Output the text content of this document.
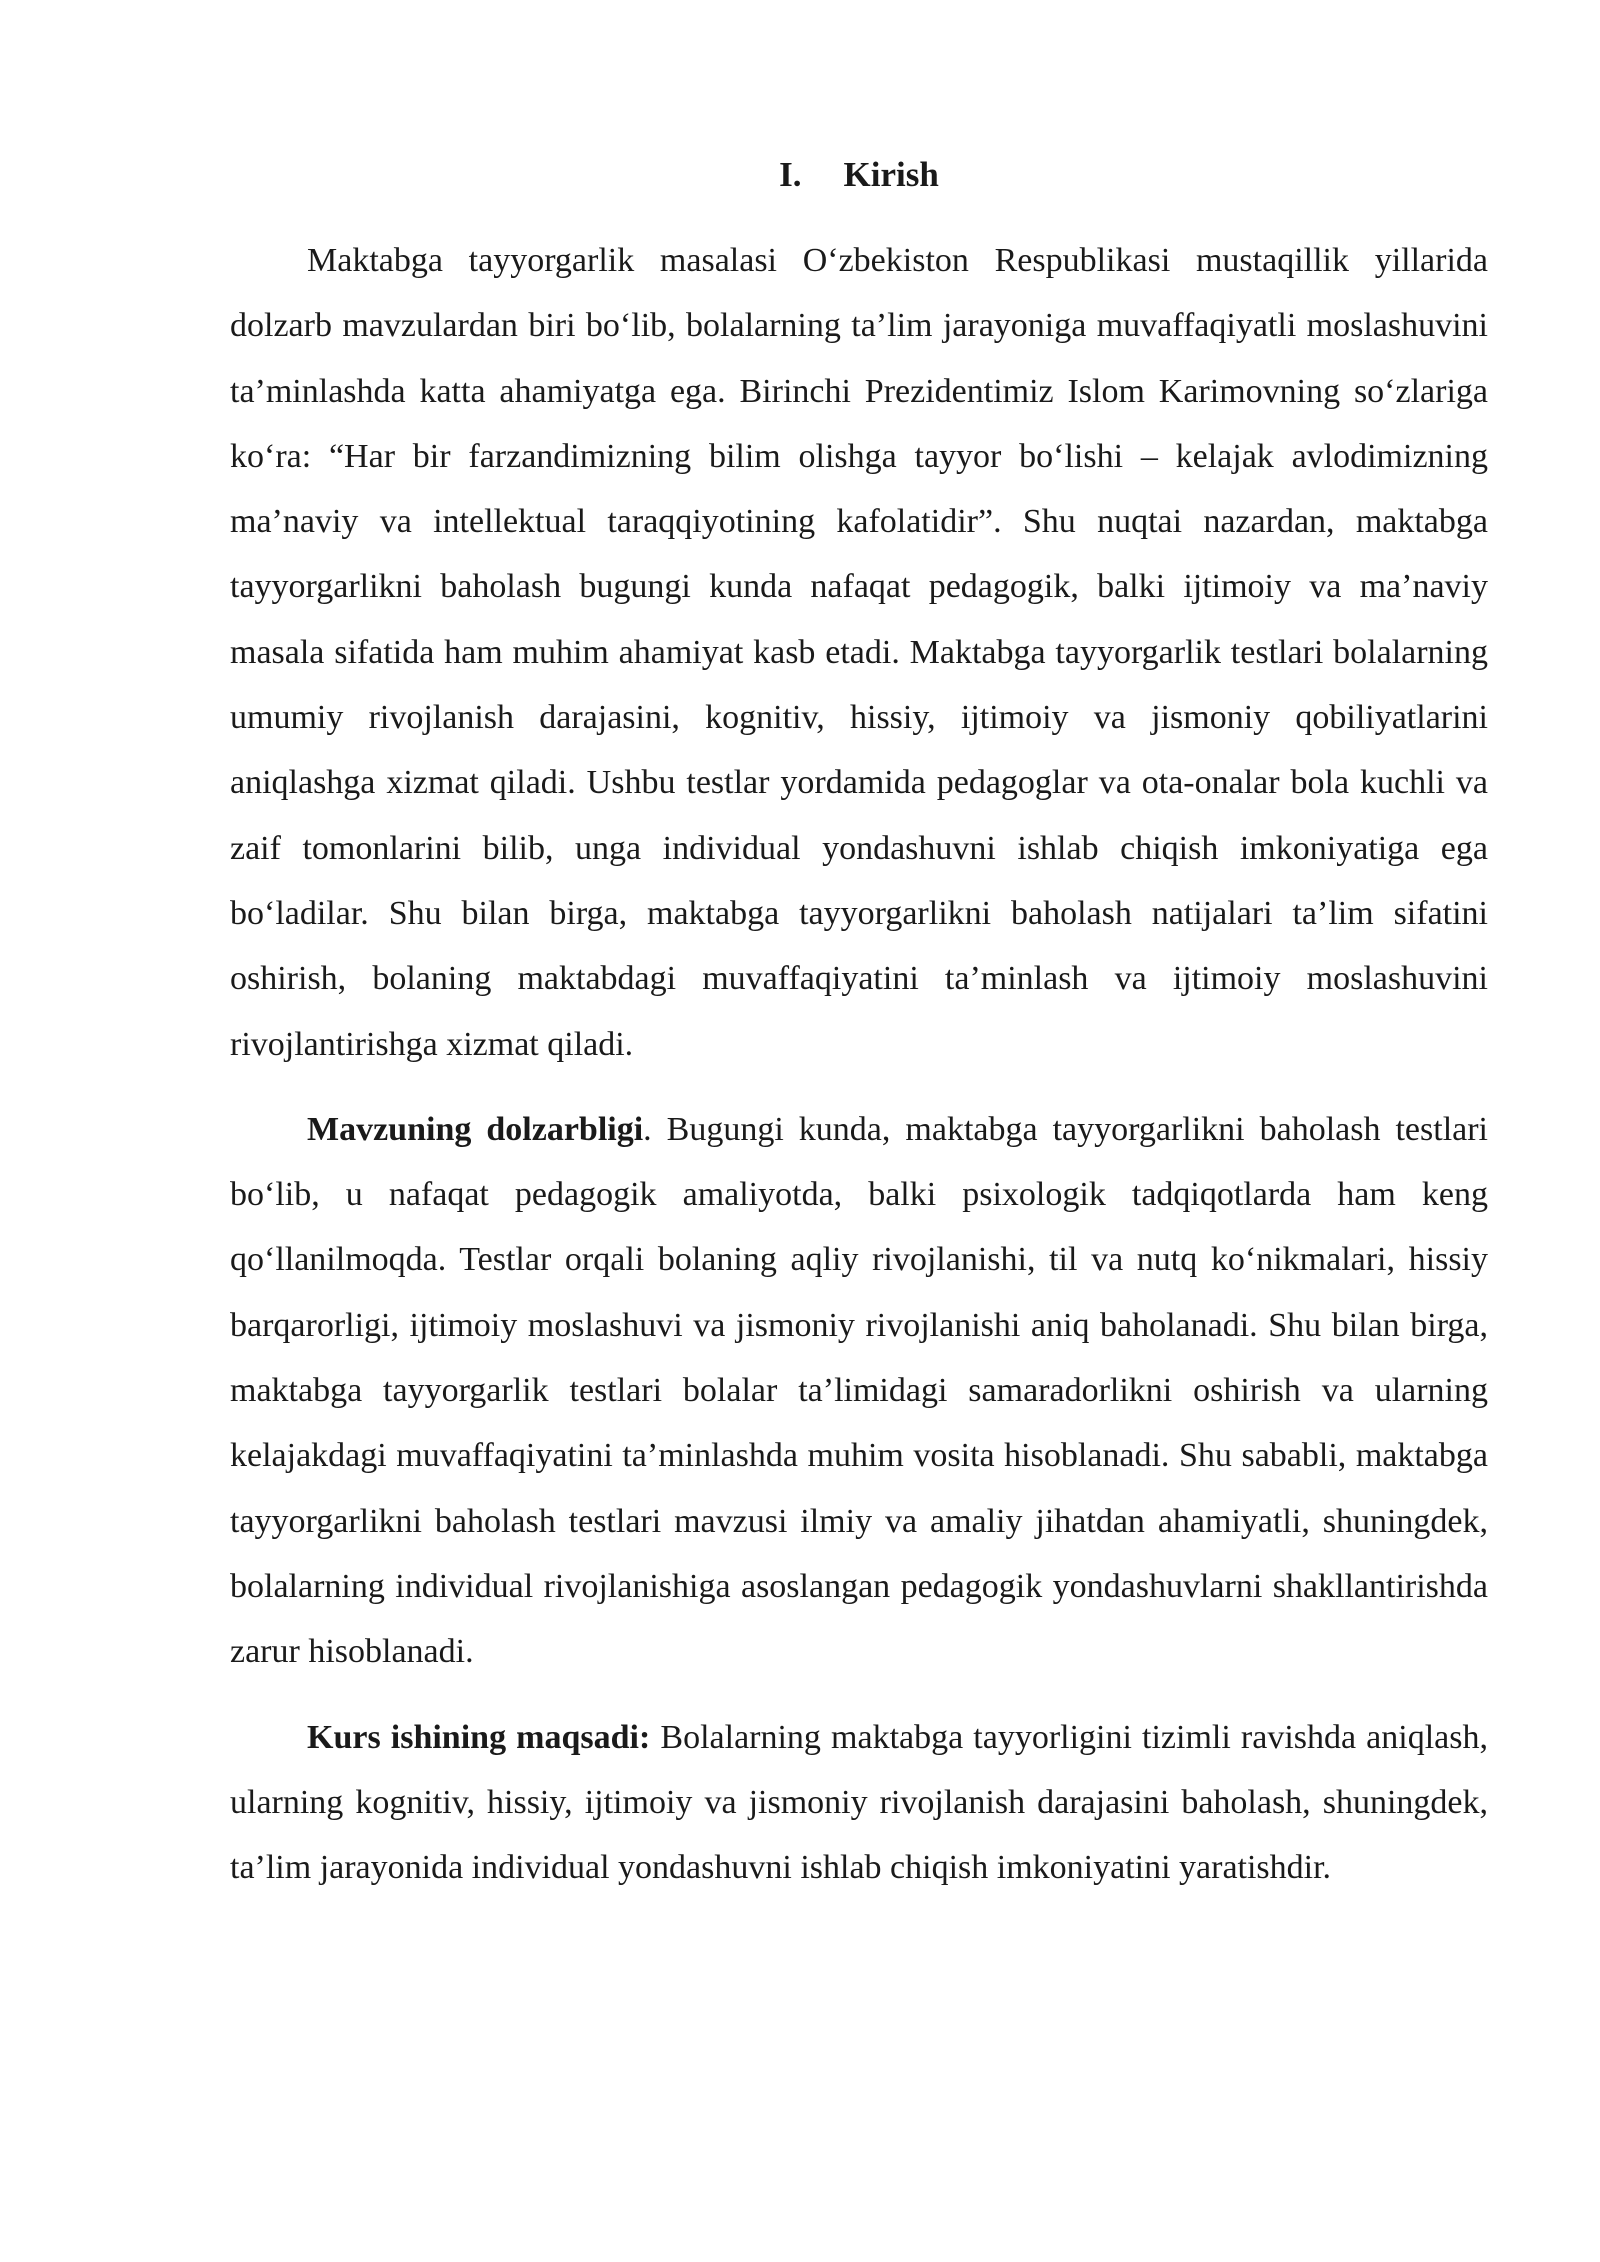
I. Kirish

Maktabga tayyorgarlik masalasi O‘zbekiston Respublikasi mustaqillik yillarida dolzarb mavzulardan biri bo‘lib, bolalarning ta’lim jarayoniga muvaffaqiyatli moslashuvini ta’minlashda katta ahamiyatga ega. Birinchi Prezidentimiz Islom Karimovning so‘zlariga ko‘ra: “Har bir farzandimizning bilim olishga tayyor bo‘lishi – kelajak avlodimizning ma’naviy va intellektual taraqqiyotining kafolatidir”. Shu nuqtai nazardan, maktabga tayyorgarlikni baholash bugungi kunda nafaqat pedagogik, balki ijtimoiy va ma’naviy masala sifatida ham muhim ahamiyat kasb etadi. Maktabga tayyorgarlik testlari bolalarning umumiy rivojlanish darajasini, kognitiv, hissiy, ijtimoiy va jismoniy qobiliyatlarini aniqlashga xizmat qiladi. Ushbu testlar yordamida pedagoglar va ota-onalar bola kuchli va zaif tomonlarini bilib, unga individual yondashuvni ishlab chiqish imkoniyatiga ega bo‘ladilar. Shu bilan birga, maktabga tayyorgarlikni baholash natijalari ta’lim sifatini oshirish, bolaning maktabdagi muvaffaqiyatini ta’minlash va ijtimoiy moslashuvini rivojlantirishga xizmat qiladi.

Mavzuning dolzarbligi. Bugungi kunda, maktabga tayyorgarlikni baholash testlari bo‘lib, u nafaqat pedagogik amaliyotda, balki psixologik tadqiqotlarda ham keng qo‘llanilmoqda. Testlar orqali bolaning aqliy rivojlanishi, til va nutq ko‘nikmalari, hissiy barqarorligi, ijtimoiy moslashuvi va jismoniy rivojlanishi aniq baholanadi. Shu bilan birga, maktabga tayyorgarlik testlari bolalar ta’limidagi samaradorlikni oshirish va ularning kelajakdagi muvaffaqiyatini ta’minlashda muhim vosita hisoblanadi. Shu sababli, maktabga tayyorgarlikni baholash testlari mavzusi ilmiy va amaliy jihatdan ahamiyatli, shuningdek, bolalarning individual rivojlanishiga asoslangan pedagogik yondashuvlarni shakllantirishda zarur hisoblanadi.

Kurs ishining maqsadi: Bolalarning maktabga tayyorligini tizimli ravishda aniqlash, ularning kognitiv, hissiy, ijtimoiy va jismoniy rivojlanish darajasini baholash, shuningdek, ta’lim jarayonida individual yondashuvni ishlab chiqish imkoniyatini yaratishdir.
